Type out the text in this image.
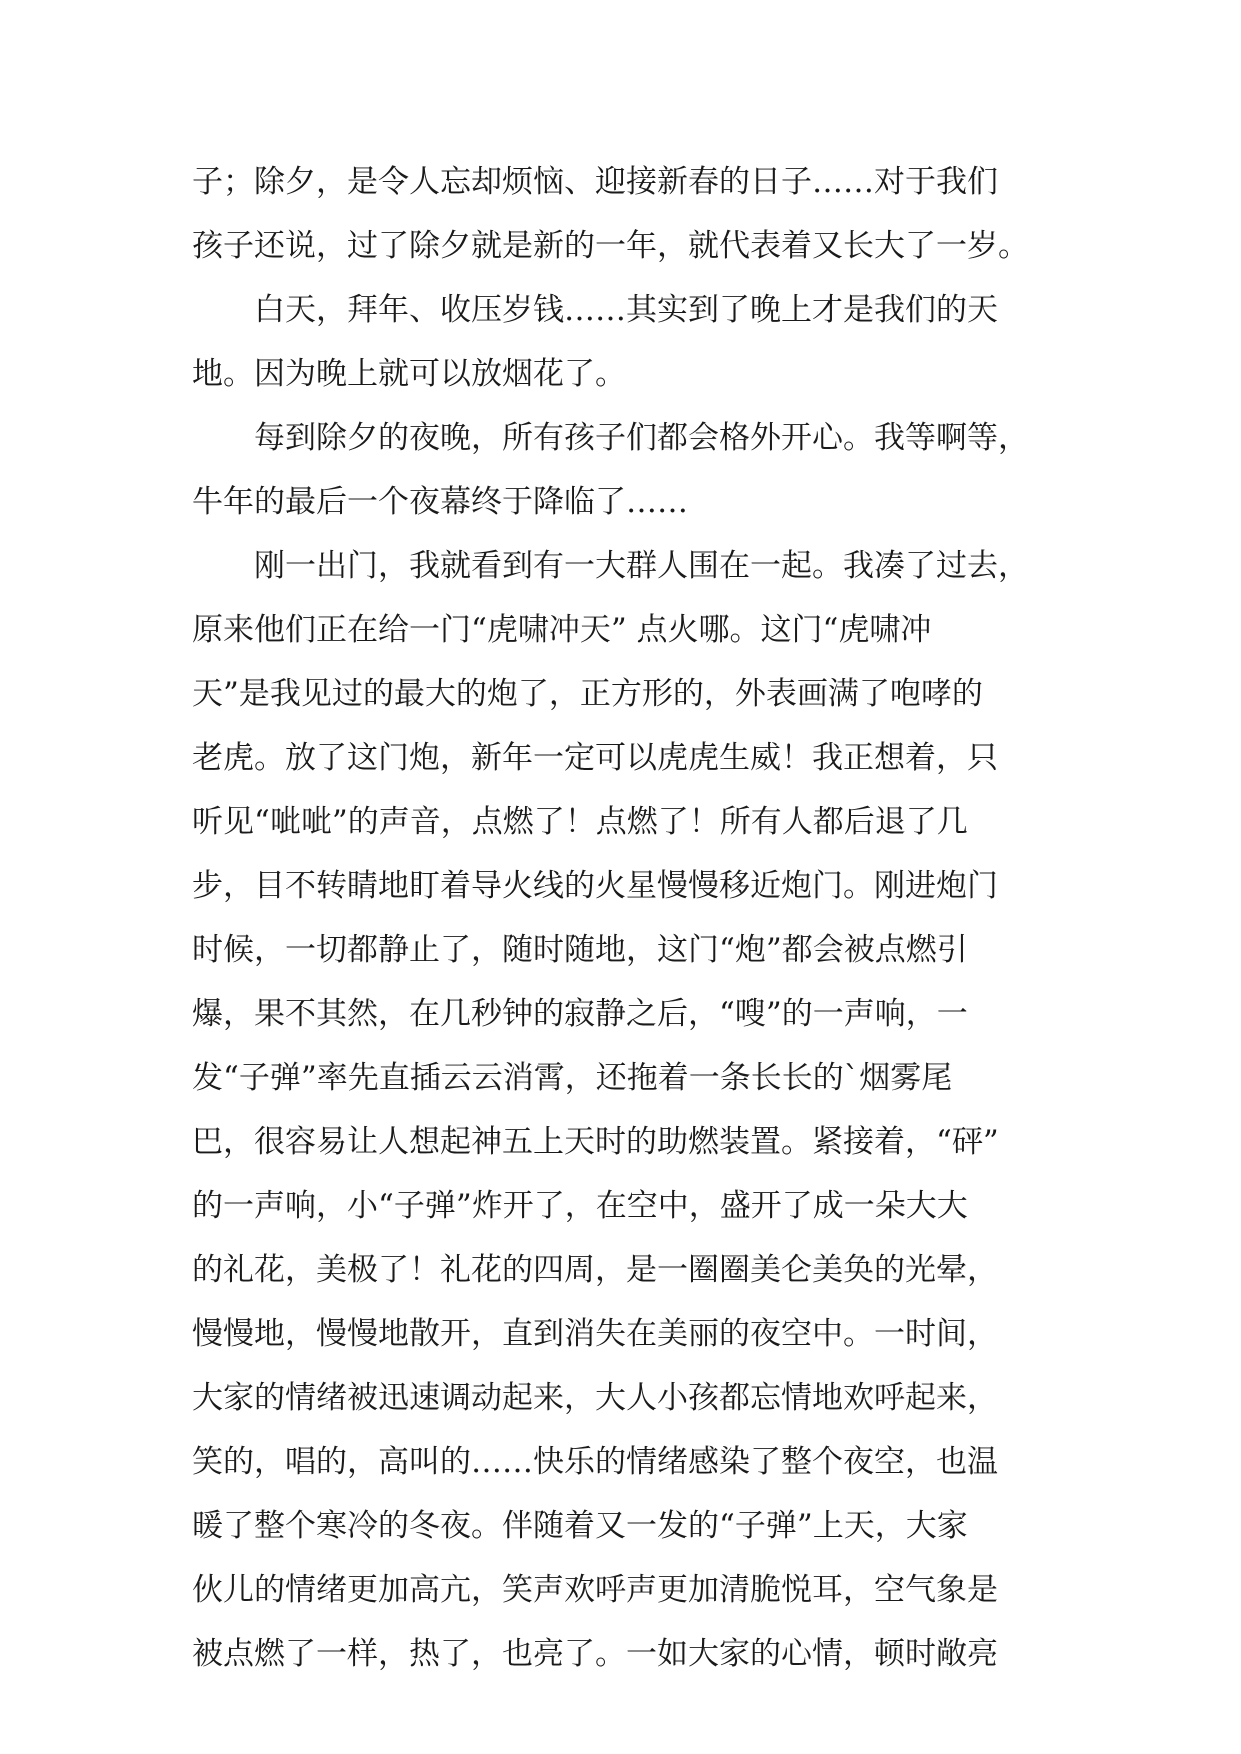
子；除夕，是令人忘却烦恼、迎接新春的日子……对于我们
孩子还说，过了除夕就是新的一年，就代表着又长大了一岁。
白天，拜年、收压岁钱……其实到了晚上才是我们的天
地。因为晚上就可以放烟花了。
每到除夕的夜晚，所有孩子们都会格外开心。我等啊等，
牛年的最后一个夜幕终于降临了……
刚一出门，我就看到有一大群人围在一起。我凑了过去，
原来他们正在给一门“虎啸冲天” 点火哪。这门“虎啸冲
天”是我见过的最大的炮了，正方形的，外表画满了咆哮的
老虎。放了这门炮，新年一定可以虎虎生威！我正想着，只
听见“呲呲”的声音，点燃了！点燃了！所有人都后退了几
步，目不转睛地盯着导火线的火星慢慢移近炮门。刚进炮门
时候，一切都静止了，随时随地，这门“炮”都会被点燃引
爆，果不其然，在几秒钟的寂静之后，“嗖”的一声响，一
发“子弹”率先直插云云消霄，还拖着一条长长的`烟雾尾
巴，很容易让人想起神五上天时的助燃装置。紧接着，“砰”
的一声响，小“子弹”炸开了，在空中，盛开了成一朵大大
的礼花，美极了！礼花的四周，是一圈圈美仑美奂的光晕，
慢慢地，慢慢地散开，直到消失在美丽的夜空中。一时间，
大家的情绪被迅速调动起来，大人小孩都忘情地欢呼起来，
笑的，唱的，高叫的……快乐的情绪感染了整个夜空，也温
暖了整个寒冷的冬夜。伴随着又一发的“子弹”上天，大家
伙儿的情绪更加高亢，笑声欢呼声更加清脆悦耳，空气象是
被点燃了一样，热了，也亮了。一如大家的心情，顿时敞亮
